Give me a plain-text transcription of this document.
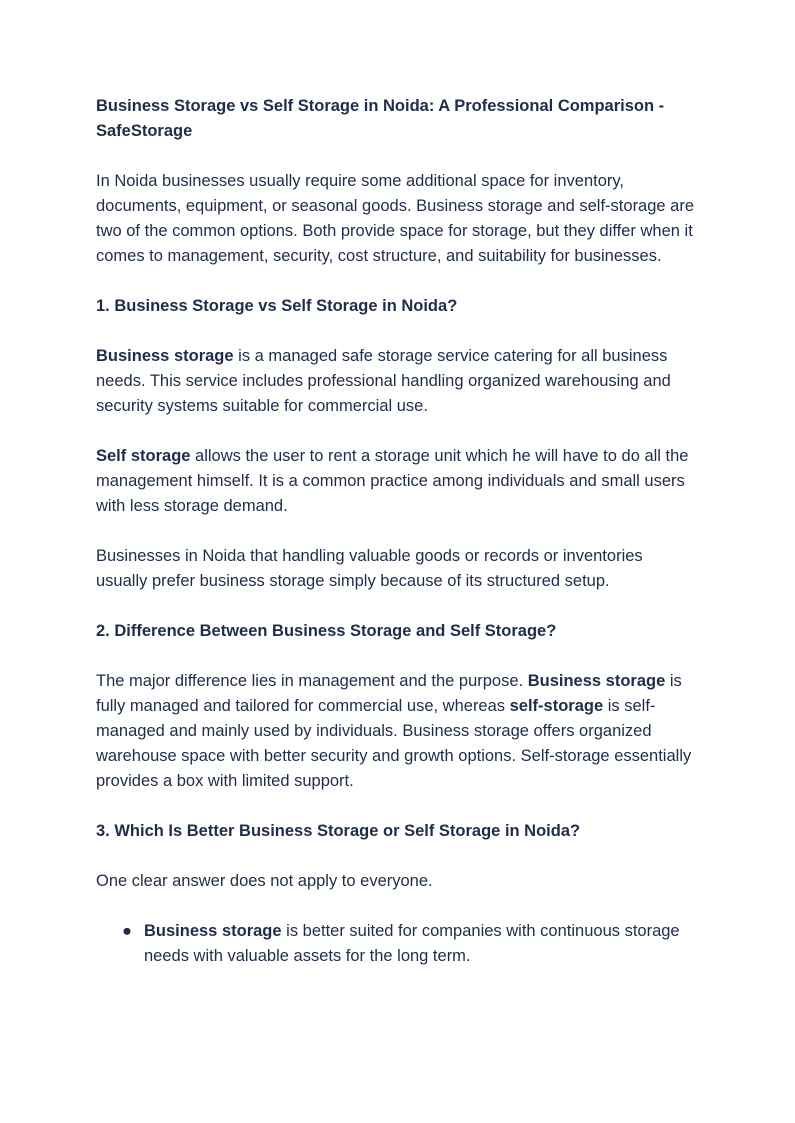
Business Storage vs Self Storage in Noida: A Professional Comparison - SafeStorage

In Noida businesses usually require some additional space for inventory, documents, equipment, or seasonal goods. Business storage and self-storage are two of the common options. Both provide space for storage, but they differ when it comes to management, security, cost structure, and suitability for businesses.

1. Business Storage vs Self Storage in Noida?

Business storage is a managed safe storage service catering for all business needs. This service includes professional handling organized warehousing and security systems suitable for commercial use.

Self storage allows the user to rent a storage unit which he will have to do all the management himself. It is a common practice among individuals and small users with less storage demand.

Businesses in Noida that handling valuable goods or records or inventories usually prefer business storage simply because of its structured setup.

2. Difference Between Business Storage and Self Storage?

The major difference lies in management and the purpose. Business storage is fully managed and tailored for commercial use, whereas self-storage is self-managed and mainly used by individuals. Business storage offers organized warehouse space with better security and growth options. Self-storage essentially provides a box with limited support.

3. Which Is Better Business Storage or Self Storage in Noida?

One clear answer does not apply to everyone.

● Business storage is better suited for companies with continuous storage needs with valuable assets for the long term.
